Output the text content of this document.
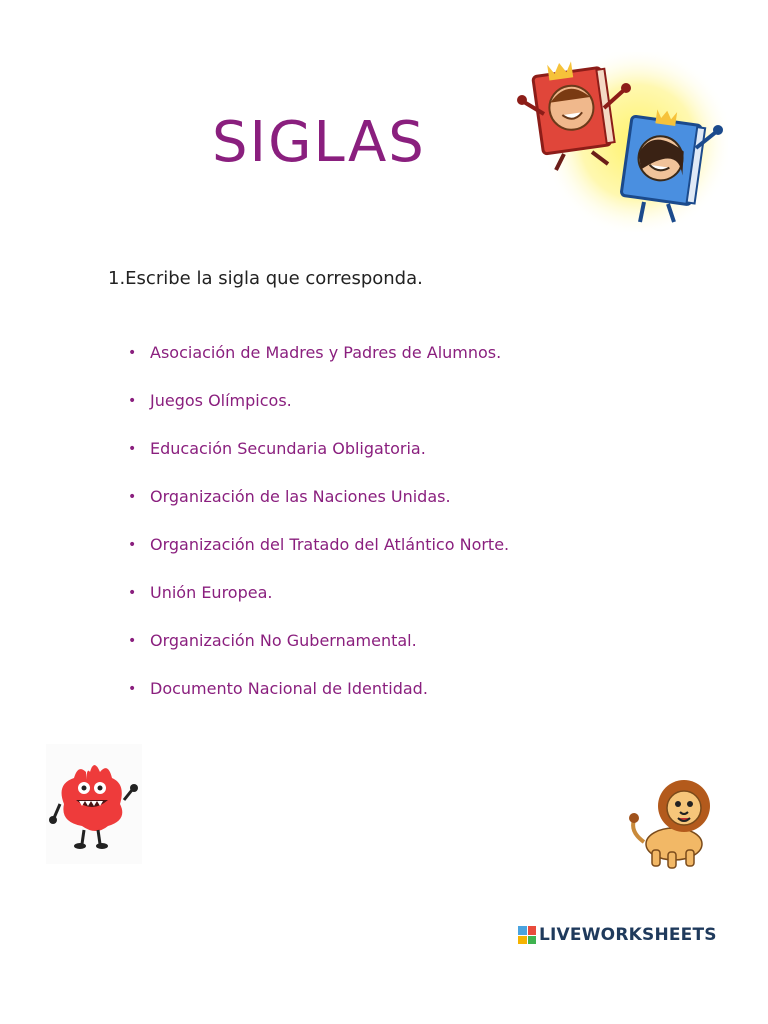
SIGLAS

1.Escribe la sigla que corresponda.

• Asociación de Madres y Padres de Alumnos.
• Juegos Olímpicos.
• Educación Secundaria Obligatoria.
• Organización de las Naciones Unidas.
• Organización del Tratado del Atlántico Norte.
• Unión Europea.
• Organización No Gubernamental.
• Documento Nacional de Identidad.
LIVEWORKSHEETS
